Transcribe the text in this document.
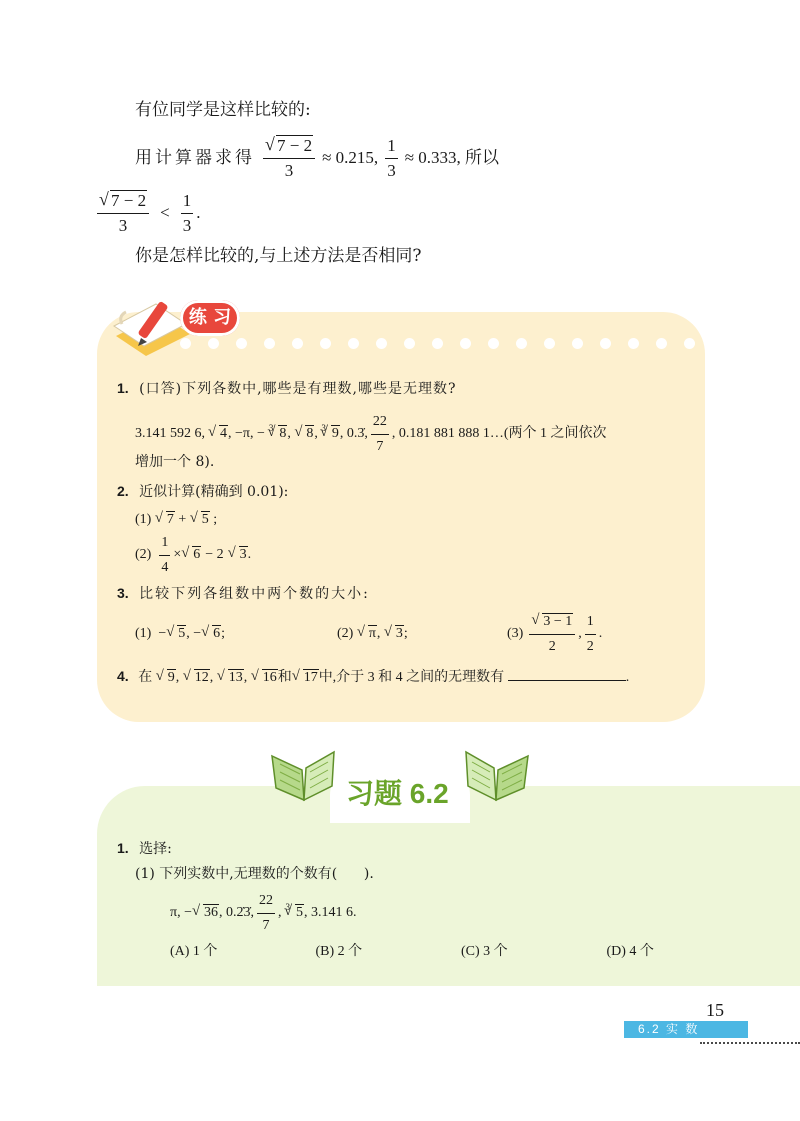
有位同学是这样比较的:
用计算器求得 √ $\frac{7 - 2}{3} \approx 0.215$, $\frac{1}{3} \approx 0.333$, 所以
√ $\frac{7 - 2}{3} < \frac{1}{3}$ .
你是怎样比较的,与上述方法是否相同?
练 习
1. (口答)下列各数中,哪些是有理数,哪些是无理数?
3.141 592 6,	√ 4 , −π, − 3 √ 8 , √ 8 , 3 √ 9 , 0.3̇, $\frac{22}{7}$ , 0.181 881 888 1…(两个 1 之间依次
增加一个 8).
2. 近似计算(精确到 0.01):
(1) √ 7 + √ 5 ;
$(2) \frac{1}{4}$ × √ 6 − 2	√ 3 .
3. 比较下列各组数中两个数的大小:
(1)  − √ 5, − √ 6;	(2) √ π, √ 3;	(3) √ $\frac{3 - 1}{2}$ , $\frac{1}{2}$ .
4. 在 √ 9, √ 12, √ 13, √ 16和 √ 17中,介于 3 和 4 之间的无理数有	.
习题 6.2
1. 选择:
(1) 下列实数中,无理数的个数有(      ).
π, − √ 36 , 0.2̇3̇, $\frac{22}{7}$ , 3 √ 5 , 3.141 6.
(A) 1 个	(B) 2 个	(C) 3 个	(D) 4 个
15
6.2 实 数
